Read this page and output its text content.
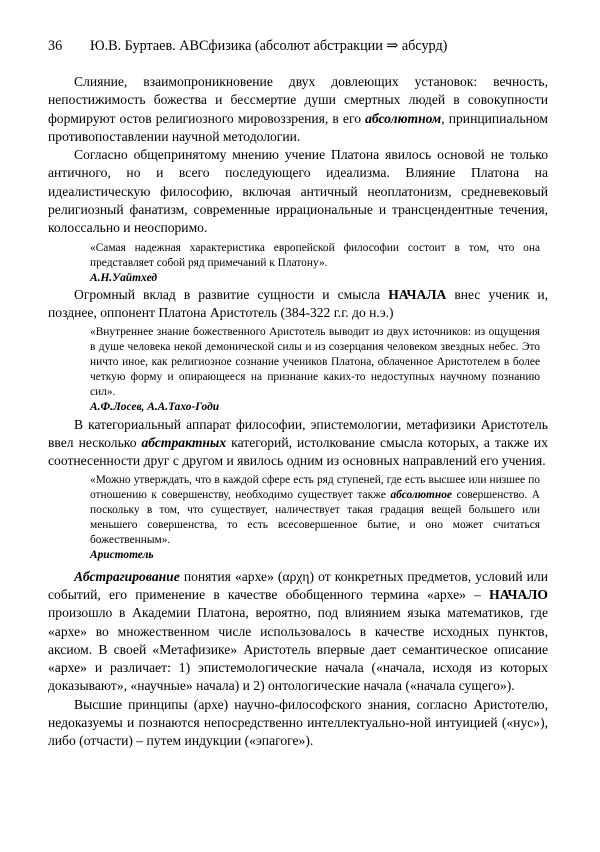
36	Ю.В. Буртаев. АВСфизика (абсолют абстракции ⇒ абсурд)

Слияние, взаимопроникновение двух довлеющих установок: вечность, непостижимость божества и бессмертие души смертных людей в совокупности формируют остов религиозного мировоззрения, в его абсолютном, принципиальном противопоставлении научной методологии.

Согласно общепринятому мнению учение Платона явилось основой не только античного, но и всего последующего идеализма. Влияние Платона на идеалистическую философию, включая античный неоплатонизм, средневековый религиозный фанатизм, современные иррациональные и трансцендентные течения, колоссально и неоспоримо.

«Самая надежная характеристика европейской философии состоит в том, что она представляет собой ряд примечаний к Платону».

А.Н.Уайтхед

Огромный вклад в развитие сущности и смысла НАЧАЛА внес ученик и, позднее, оппонент Платона Аристотель (384-322 г.г. до н.э.)

«Внутреннее знание божественного Аристотель выводит из двух источников: из ощущения в душе человека некой демонической силы и из созерцания человеком звездных небес. Это ничто иное, как религиозное сознание учеников Платона, облаченное Аристотелем в более четкую форму и опирающееся на признание каких-то недоступных научному познанию сил».

А.Ф.Лосев, А.А.Тахо-Годи

В категориальный аппарат философии, эпистемологии, метафизики Аристотель ввел несколько абстрактных категорий, истолкование смысла которых, а также их соотнесенности друг с другом и явилось одним из основных направлений его учения.

«Можно утверждать, что в каждой сфере есть ряд ступеней, где есть высшее или низшее по отношению к совершенству, необходимо существует также абсолютное совершенство. А поскольку в том, что существует, наличествует такая градация вещей большего или меньшего совершенства, то есть всесовершенное бытие, и оно может считаться божественным».

Аристотель

Абстрагирование понятия «архе» (αρχη) от конкретных предметов, условий или событий, его применение в качестве обобщенного термина «архе» – НАЧАЛО произошло в Академии Платона, вероятно, под влиянием языка математиков, где «архе» во множественном числе использовалось в качестве исходных пунктов, аксиом. В своей «Метафизике» Аристотель впервые дает семантическое описание «архе» и различает: 1) эпистемологические начала («начала, исходя из которых доказывают», «научные» начала) и 2) онтологические начала («начала сущего»).

Высшие принципы (архе) научно-философского знания, согласно Аристотелю, недоказуемы и познаются непосредственно интеллектуально-ной интуицией («нус»), либо (отчасти) – путем индукции («эпагоге»).
